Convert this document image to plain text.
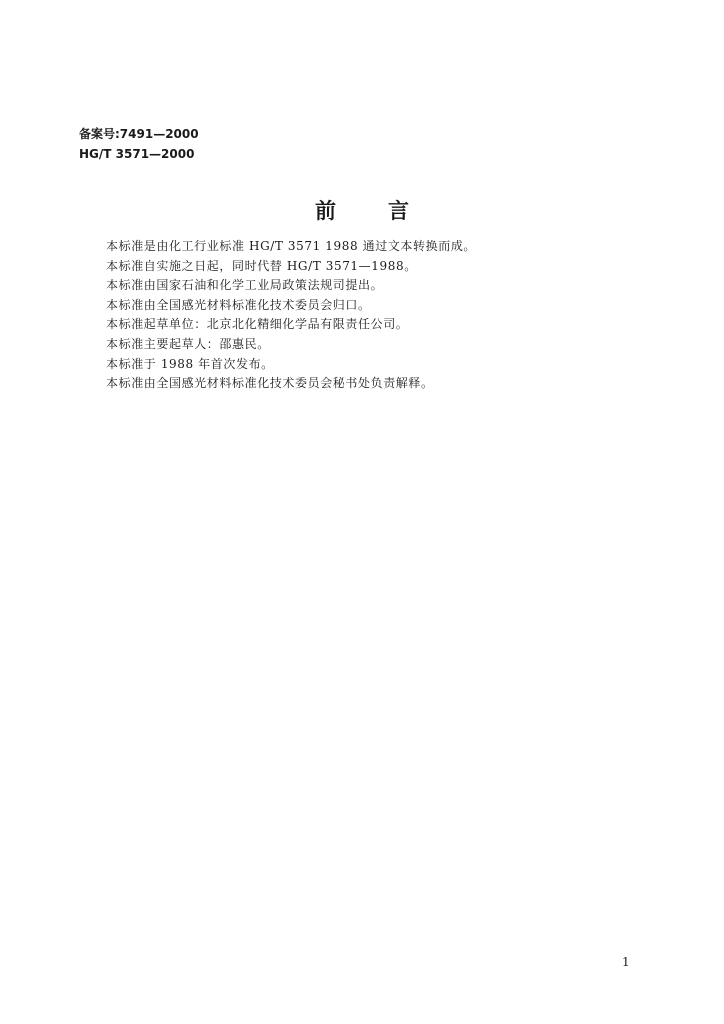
备案号:7491—2000
HG/T 3571—2000
前言

本标准是由化工行业标准 HG/T 3571 1988 通过文本转换而成。

本标准自实施之日起，同时代替 HG/T 3571—1988。

本标准由国家石油和化学工业局政策法规司提出。

本标准由全国感光材料标准化技术委员会归口。

本标准起草单位：北京北化精细化学品有限责任公司。

本标准主要起草人：邵惠民。

本标准于 1988 年首次发布。

本标准由全国感光材料标准化技术委员会秘书处负责解释。

1
